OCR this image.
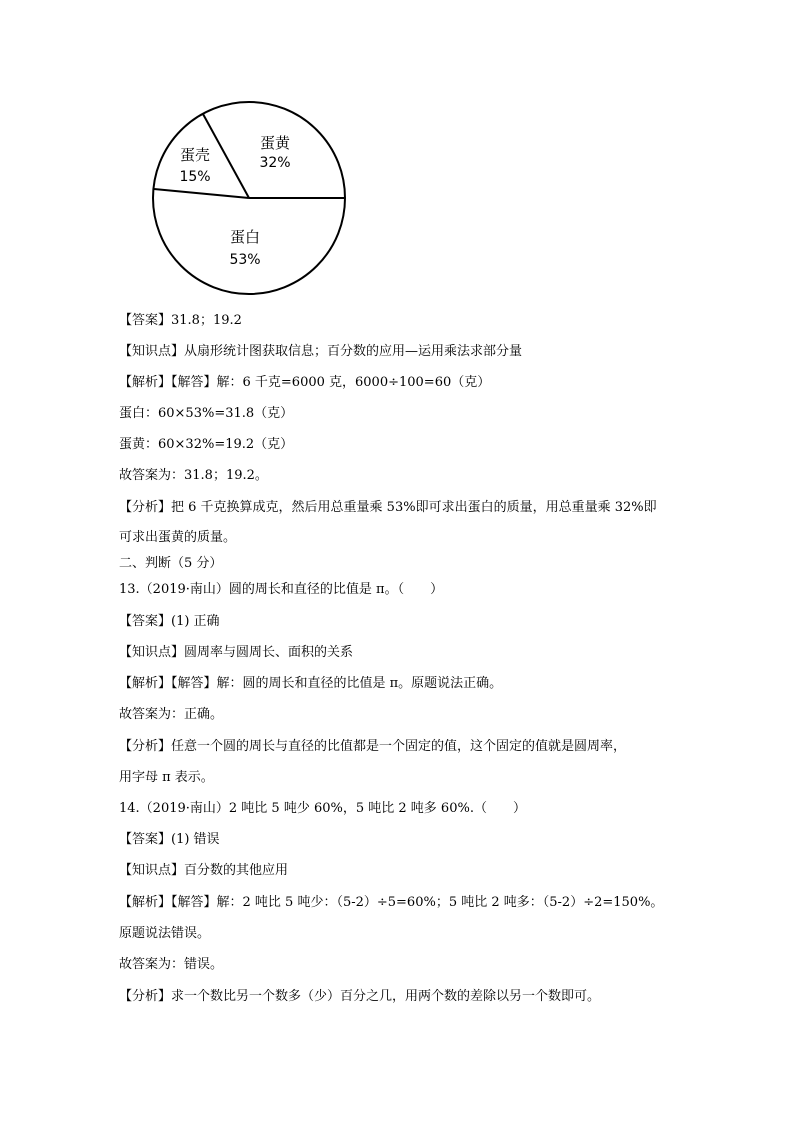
蛋黄
32%
蛋壳
15%
蛋白
53%
【答案】31.8；19.2
【知识点】从扇形统计图获取信息；百分数的应用—运用乘法求部分量
【解析】【解答】解：6 千克=6000 克，6000÷100=60（克）
蛋白：60×53%=31.8（克）
蛋黄：60×32%=19.2（克）
故答案为：31.8；19.2。
【分析】把 6 千克换算成克，然后用总重量乘 53%即可求出蛋白的质量，用总重量乘 32%即
可求出蛋黄的质量。
二、判断（5 分）
13.（2019·南山）圆的周长和直径的比值是 π。（　　）
【答案】(1) 正确
【知识点】圆周率与圆周长、面积的关系
【解析】【解答】解：圆的周长和直径的比值是 π。原题说法正确。
故答案为：正确。
【分析】任意一个圆的周长与直径的比值都是一个固定的值，这个固定的值就是圆周率，
用字母 π 表示。
14.（2019·南山）2 吨比 5 吨少 60%，5 吨比 2 吨多 60%.（　　）
【答案】(1) 错误
【知识点】百分数的其他应用
【解析】【解答】解：2 吨比 5 吨少：（5-2）÷5=60%；5 吨比 2 吨多：（5-2）÷2=150%。
原题说法错误。
故答案为：错误。
【分析】求一个数比另一个数多（少）百分之几，用两个数的差除以另一个数即可。
